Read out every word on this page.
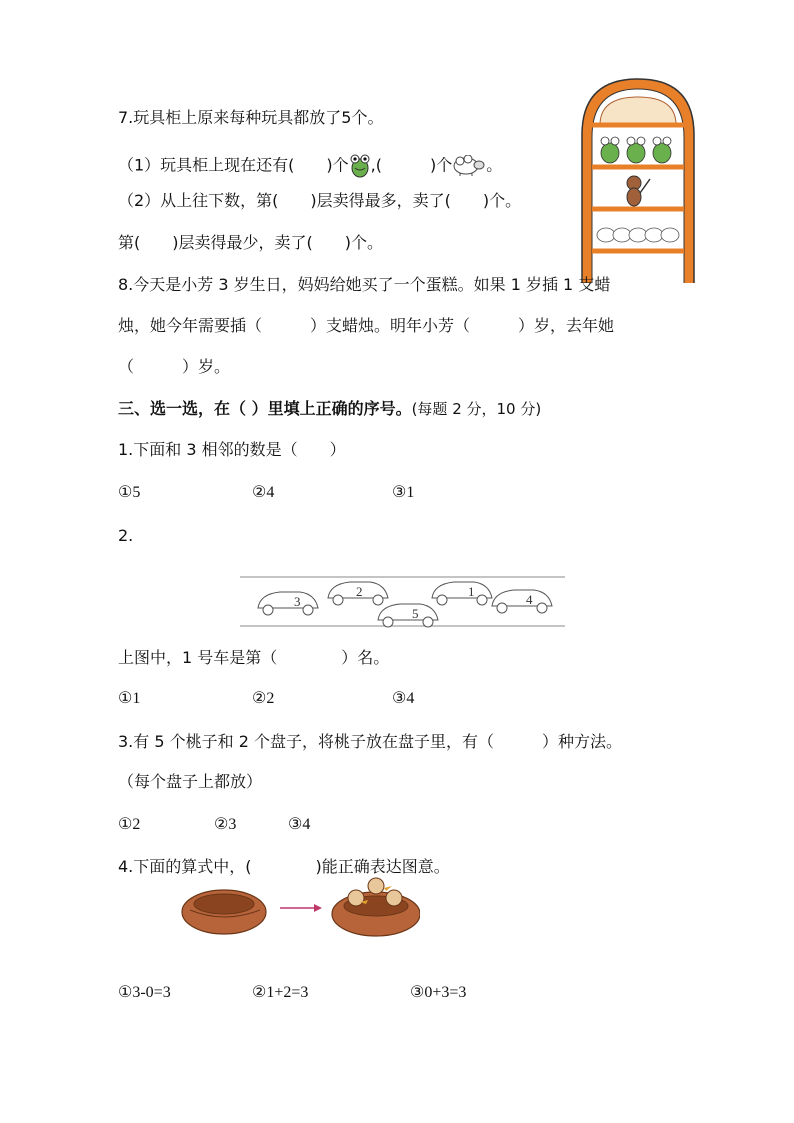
7.玩具柜上原来每种玩具都放了5个。
（1）玩具柜上现在还有(　　)个 ,(　　　)个 。
（2）从上往下数，第(　　)层卖得最多，卖了(　　)个。
第(　　)层卖得最少，卖了(　　)个。
8.今天是小芳 3 岁生日，妈妈给她买了一个蛋糕。如果 1 岁插 1 支蜡
烛，她今年需要插（　　　）支蜡烛。明年小芳（　　　）岁，去年她
（　　　）岁。
三、选一选，在（ ）里填上正确的序号。(每题 2 分，10 分)
1.下面和 3 相邻的数是（　　）
①5	②4	③1
2.
3
2
5
1
4
上图中，1 号车是第（　　　　）名。
①1	②2	③4
3.有 5 个桃子和 2 个盘子，将桃子放在盘子里，有（　　　）种方法。
（每个盘子上都放）
①2	②3	③4
4.下面的算式中，(　　　　)能正确表达图意。
①3-0=3	②1+2=3	③0+3=3
